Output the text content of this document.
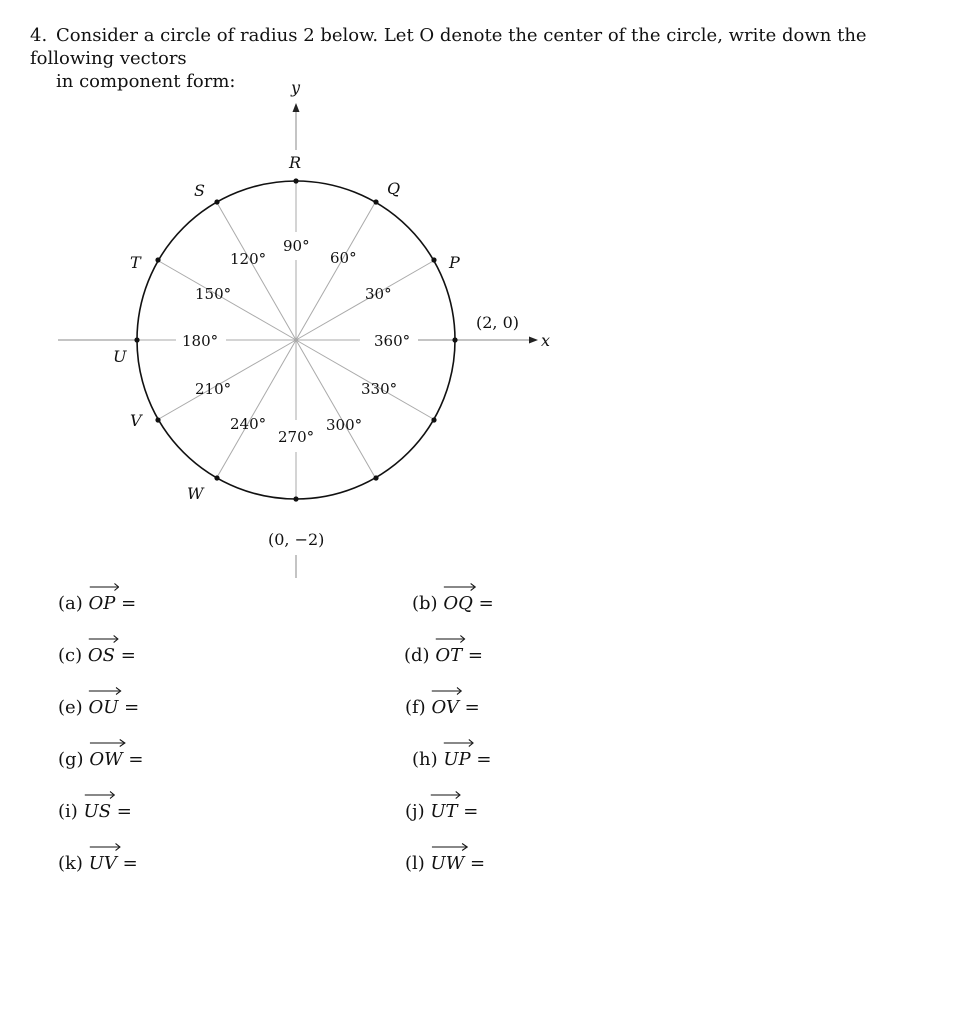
4. Consider a circle of radius 2 below. Let O denote the center of the circle, write down the following vectors
in component form:
x
y
P
Q
R
S
T
U
V
W
30°
60°
90°
120°
150°
180°
210°
240°
270°
300°
330°
360°
(2, 0)
(0, −2)
(a) OP =	(b) OQ =
(c) OS =	(d) OT =
(e) OU =	(f) OV =
(g) OW =	(h) UP =
(i) US =	(j) UT =
(k) UV =	(l) UW =
